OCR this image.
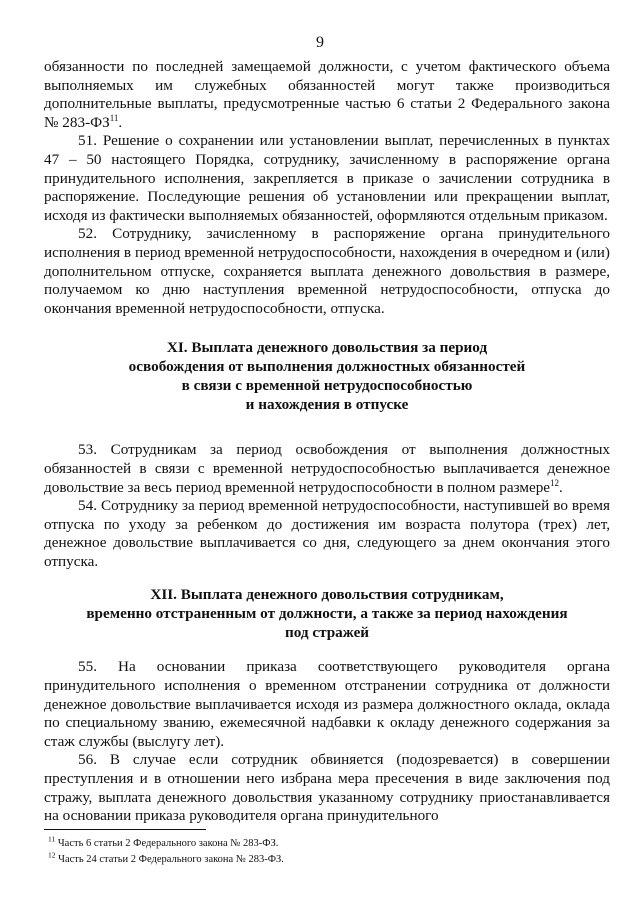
9

обязанности по последней замещаемой должности, с учетом фактического объема выполняемых им служебных обязанностей могут также производиться дополнительные выплаты, предусмотренные частью 6 статьи 2 Федерального закона № 283-ФЗ$^{11}$.

51. Решение о сохранении или установлении выплат, перечисленных в пунктах 47 – 50 настоящего Порядка, сотруднику, зачисленному в распоряжение органа принудительного исполнения, закрепляется в приказе о зачислении сотрудника в распоряжение. Последующие решения об установлении или прекращении выплат, исходя из фактически выполняемых обязанностей, оформляются отдельным приказом.

52. Сотруднику, зачисленному в распоряжение органа принудительного исполнения в период временной нетрудоспособности, нахождения в очередном и (или) дополнительном отпуске, сохраняется выплата денежного довольствия в размере, получаемом ко дню наступления временной нетрудоспособности, отпуска до окончания временной нетрудоспособности, отпуска.

XI. Выплата денежного довольствия за период
освобождения от выполнения должностных обязанностей
в связи с временной нетрудоспособностью
и нахождения в отпуске

53. Сотрудникам за период освобождения от выполнения должностных обязанностей в связи с временной нетрудоспособностью выплачивается денежное довольствие за весь период временной нетрудоспособности в полном размере$^{12}$.

54. Сотруднику за период временной нетрудоспособности, наступившей во время отпуска по уходу за ребенком до достижения им возраста полутора (трех) лет, денежное довольствие выплачивается со дня, следующего за днем окончания этого отпуска.

XII. Выплата денежного довольствия сотрудникам,
временно отстраненным от должности, а также за период нахождения
под стражей

55. На основании приказа соответствующего руководителя органа принудительного исполнения о временном отстранении сотрудника от должности денежное довольствие выплачивается исходя из размера должностного оклада, оклада по специальному званию, ежемесячной надбавки к окладу денежного содержания за стаж службы (выслугу лет).

56. В случае если сотрудник обвиняется (подозревается) в совершении преступления и в отношении него избрана мера пресечения в виде заключения под стражу, выплата денежного довольствия указанному сотруднику приостанавливается на основании приказа руководителя органа принудительного

$^{11}$ Часть 6 статьи 2 Федерального закона № 283-ФЗ.
$^{12}$ Часть 24 статьи 2 Федерального закона № 283-ФЗ.
